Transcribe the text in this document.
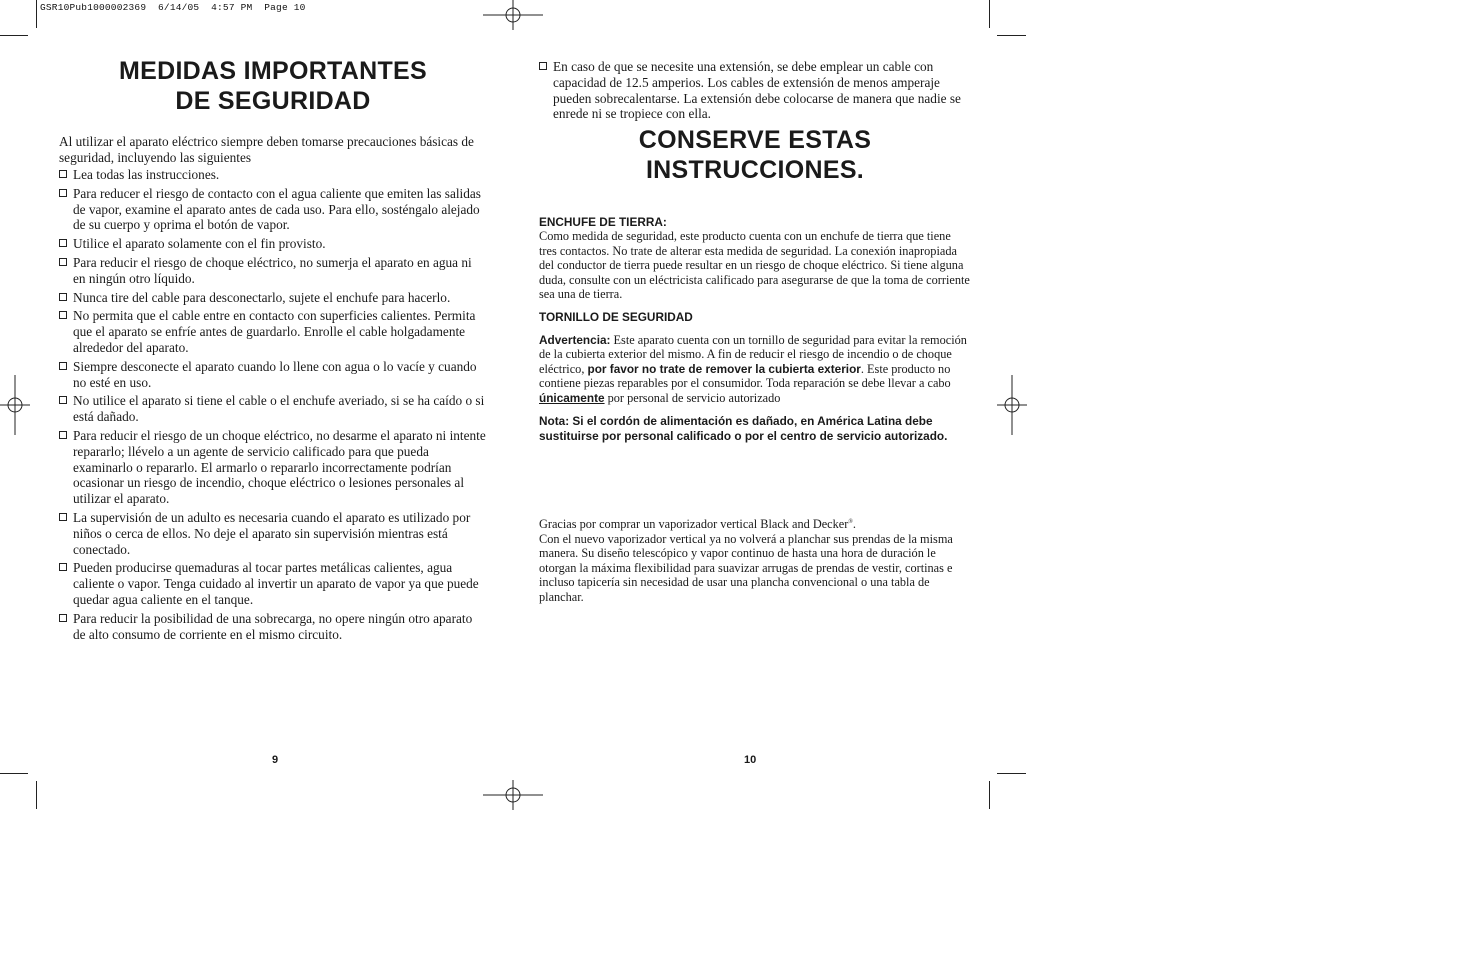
GSR10Pub1000002369  6/14/05  4:57 PM  Page 10
MEDIDAS IMPORTANTES
DE SEGURIDAD

Al utilizar el aparato eléctrico siempre deben tomarse precauciones básicas de seguridad, incluyendo las siguientes

Lea todas las instrucciones.
Para reducer el riesgo de contacto con el agua caliente que emiten las salidas de vapor, examine el aparato antes de cada uso. Para ello, sosténgalo alejado de su cuerpo y oprima el botón de vapor.
Utilice el aparato solamente con el fin provisto.
Para reducir el riesgo de choque eléctrico, no sumerja el aparato en agua ni en ningún otro líquido.
Nunca tire del cable para desconectarlo, sujete el enchufe para hacerlo.
No permita que el cable entre en contacto con superficies calientes. Permita que el aparato se enfríe antes de guardarlo. Enrolle el cable holgadamente alrededor del aparato.
Siempre desconecte el aparato cuando lo llene con agua o lo vacíe y cuando no esté en uso.
No utilice el aparato si tiene el cable o el enchufe averiado, si se ha caído o si está dañado.
Para reducir el riesgo de un choque eléctrico, no desarme el aparato ni intente repararlo; llévelo a un agente de servicio calificado para que pueda examinarlo o repararlo. El armarlo o repararlo incorrectamente podrían ocasionar un riesgo de incendio, choque eléctrico o lesiones personales al utilizar el aparato.
La supervisión de un adulto es necesaria cuando el aparato es utilizado por niños o cerca de ellos. No deje el aparato sin supervisión mientras está conectado.
Pueden producirse quemaduras al tocar partes metálicas calientes, agua caliente o vapor. Tenga cuidado al invertir un aparato de vapor ya que puede quedar agua caliente en el tanque.
Para reducir la posibilidad de una sobrecarga, no opere ningún otro aparato de alto consumo de corriente en el mismo circuito.
9
En caso de que se necesite una extensión, se debe emplear un cable con capacidad de 12.5 amperios. Los cables de extensión de menos amperaje pueden sobrecalentarse. La extensión debe colocarse de manera que nadie se enrede ni se tropiece con ella.
CONSERVE ESTAS
INSTRUCCIONES.

ENCHUFE DE TIERRA:

Como medida de seguridad, este producto cuenta con un enchufe de tierra que tiene tres contactos. No trate de alterar esta medida de seguridad. La conexión inapropiada del conductor de tierra puede resultar en un riesgo de choque eléctrico. Si tiene alguna duda, consulte con un eléctricista calificado para asegurarse de que la toma de corriente sea una de tierra.

TORNILLO DE SEGURIDAD

Advertencia: Este aparato cuenta con un tornillo de seguridad para evitar la remoción de la cubierta exterior del mismo. A fin de reducir el riesgo de incendio o de choque eléctrico, por favor no trate de remover la cubierta exterior. Este producto no contiene piezas reparables por el consumidor. Toda reparación se debe llevar a cabo únicamente por personal de servicio autorizado

Nota: Si el cordón de alimentación es dañado, en América Latina debe sustituirse por personal calificado o por el centro de servicio autorizado.

Gracias por comprar un vaporizador vertical Black and Decker®.
Con el nuevo vaporizador vertical ya no volverá a planchar sus prendas de la misma manera. Su diseño telescópico y vapor continuo de hasta una hora de duración le otorgan la máxima flexibilidad para suavizar arrugas de prendas de vestir, cortinas e incluso tapicería sin necesidad de usar una plancha convencional o una tabla de planchar.

10
